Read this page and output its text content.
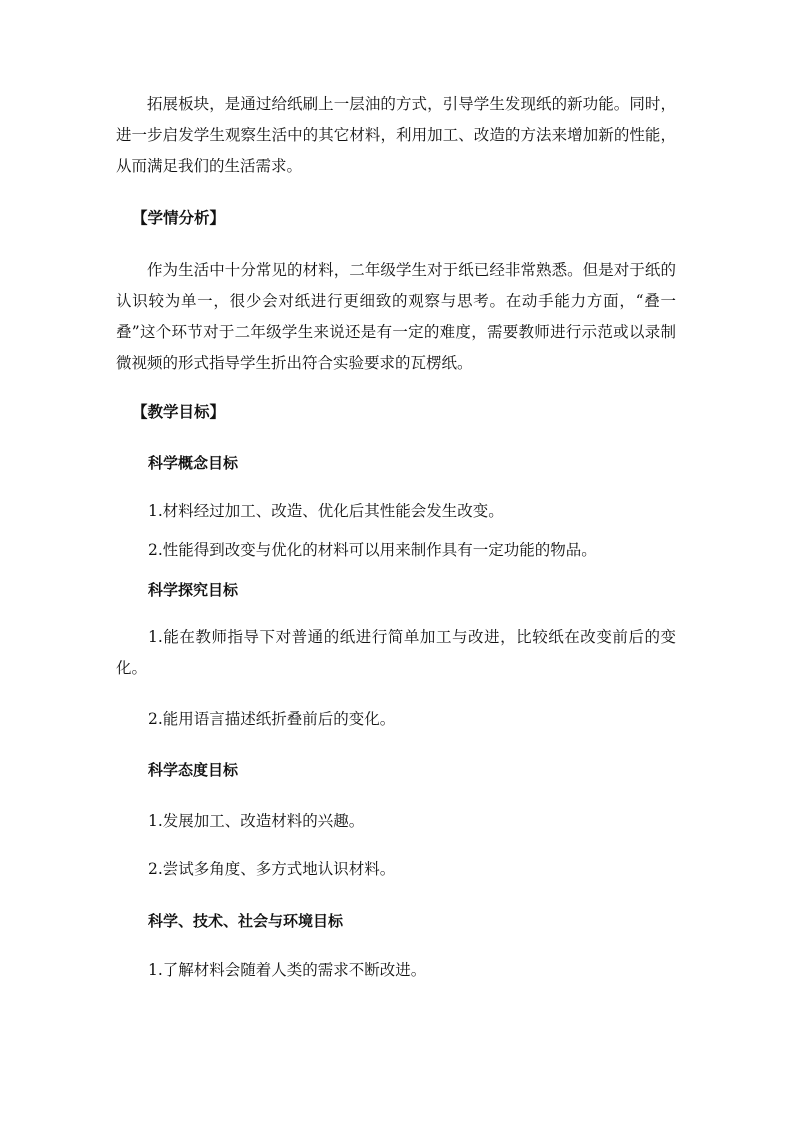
拓展板块，是通过给纸刷上一层油的方式，引导学生发现纸的新功能。同时，进一步启发学生观察生活中的其它材料，利用加工、改造的方法来增加新的性能，从而满足我们的生活需求。

【学情分析】

作为生活中十分常见的材料，二年级学生对于纸已经非常熟悉。但是对于纸的认识较为单一，很少会对纸进行更细致的观察与思考。在动手能力方面，“叠一叠”这个环节对于二年级学生来说还是有一定的难度，需要教师进行示范或以录制微视频的形式指导学生折出符合实验要求的瓦楞纸。

【教学目标】
科学概念目标

1.材料经过加工、改造、优化后其性能会发生改变。

2.性能得到改变与优化的材料可以用来制作具有一定功能的物品。

科学探究目标

1.能在教师指导下对普通的纸进行简单加工与改进，比较纸在改变前后的变化。

2.能用语言描述纸折叠前后的变化。

科学态度目标

1.发展加工、改造材料的兴趣。

2.尝试多角度、多方式地认识材料。

科学、技术、社会与环境目标

1.了解材料会随着人类的需求不断改进。
